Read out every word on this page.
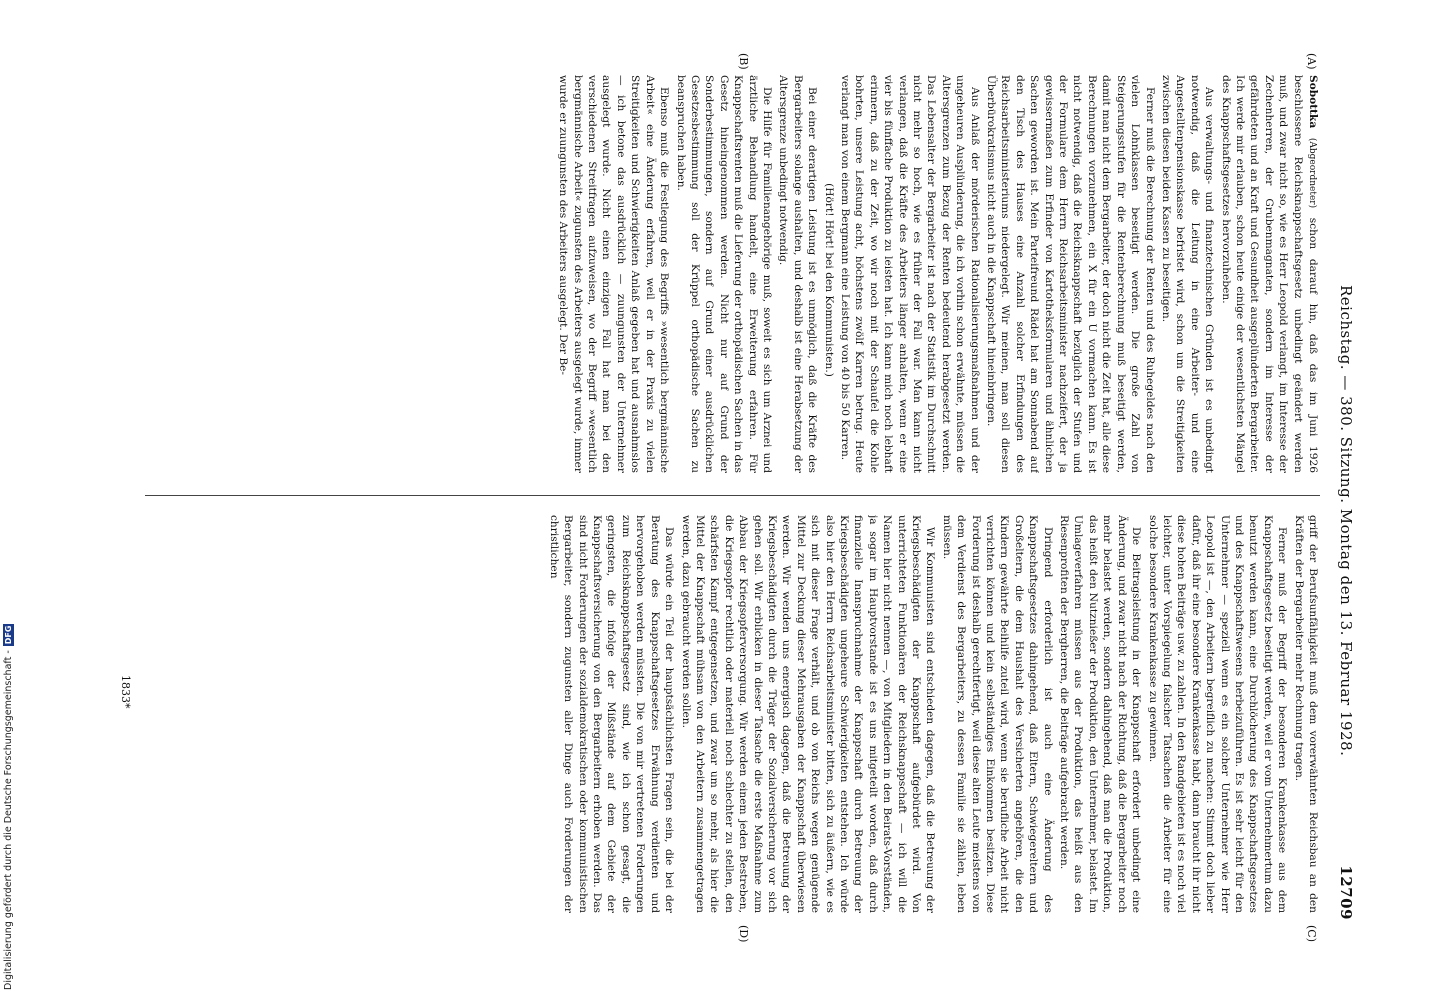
Reichstag. — 380. Sitzung. Montag den 13. Februar 1928.
12709
(A)
(B)
(C)
(D)

Sobottka (Abgeordneter) schon darauf hin, daß das im Juni 1926 beschlossene Reichsknappschaftsgesetz unbedingt geändert werden muß, und zwar nicht so, wie es Herr Leopold verlangt, im Interesse der Zechenherren, der Grubenmagnaten, sondern im Interesse der gefährdeten und an Kraft und Gesundheit ausgeplünderten Bergarbeiter. Ich werde mir erlauben, schon heute einige der wesentlichsten Mängel des Knappschaftsgesetzes hervorzuheben.

Aus verwaltungs- und finanztechnischen Gründen ist es unbedingt notwendig, daß die Leitung in eine Arbeiter- und eine Angestelltenpensionskasse befristet wird, schon um die Streitigkeiten zwischen diesen beiden Kassen zu beseitigen.

Ferner muß die Berechnung der Renten und des Ruhegeldes nach den vielen Lohnklassen beseitigt werden. Die große Zahl von Steigerungsstufen für die Rentenberechnung muß beseitigt werden, damit man nicht dem Bergarbeiter, der doch nicht die Zeit hat, alle diese Berechnungen vorzunehmen, ein X für ein U vormachen kann. Es ist nicht notwendig, daß die Reichsknappschaft bezüglich der Stufen und der Formulare dem Herrn Reichsarbeitsminister nachzeifert, der ja gewissermaßen zum Erfinder von Kartotheksformularen und ähnlichen Sachen geworden ist. Mein Parteifreund Rädel hat am Sonnabend auf den Tisch des Hauses eine Anzahl solcher Erfindungen des Reichsarbeitsministeriums niedergelegt. Wir meinen, man soll diesen Überbürokratismus nicht auch in die Knappschaft hineinbringen.

Aus Anlaß der mörderischen Rationalisierungsmaßnahmen und der ungeheuren Ausplünderung, die ich vorhin schon erwähnte, müssen die Altersgrenzen zum Bezug der Renten bedeutend herabgesetzt werden. Das Lebensalter der Bergarbeiter ist nach der Statistik im Durchschnitt nicht mehr so hoch, wie es früher der Fall war. Man kann nicht verlangen, daß die Kräfte des Arbeiters länger anhalten, wenn er eine vier bis fünffache Produktion zu leisten hat. Ich kann mich noch lebhaft erinnern, daß zu der Zeit, wo wir noch mit der Schaufel die Kohle bohrten, unsere Leistung acht, höchstens zwölf Karren betrug. Heute verlangt man von einem Bergmann eine Leistung von 40 bis 50 Karren.

(Hört! Hört! bei den Kommunisten.)

Bei einer derartigen Leistung ist es unmöglich, daß die Kräfte des Bergarbeiters solange aushalten, und deshalb ist eine Herabsetzung der Altersgrenze unbedingt notwendig.

Die Hilfe für Familienangehörige muß, soweit es sich um Arznei und ärztliche Behandlung handelt, eine Erweiterung erfahren. Für Knappschaftsrenten muß die Lieferung der orthopädischen Sachen in das Gesetz hineingenommen werden. Nicht nur auf Grund der Sonderbestimmungen, sondern auf Grund einer ausdrücklichen Gesetzesbestimmung soll der Krüppel orthopädische Sachen zu beanspruchen haben.

Ebenso muß die Festlegung des Begriffs »wesentlich bergmännische Arbeit« eine Änderung erfahren, weil er in der Praxis zu vielen Streitigkeiten und Schwierigkeiten Anlaß gegeben hat und ausnahmslos — ich betone das ausdrücklich — zuungunsten der Unternehmer ausgelegt wurde. Nicht einen einzigen Fall hat man bei den verschiedenen Streitfragen aufzuweisen, wo der Begriff »wesentlich bergmännische Arbeit« zugunsten des Arbeiters ausgelegt wurde, immer wurde er zuungunsten des Arbeiters ausgelegt. Der Be-

griff der Berufsunfähigkeit muß dem vorerwähnten Reichsbau an den Kräften der Bergarbeiter mehr Rechnung tragen.

Ferner muß der Begriff der besonderen Krankenkasse aus dem Knappschaftsgesetz beseitigt werden, weil er vom Unternehmertum dazu benutzt werden kann, eine Durchlöcherung des Knappschaftsgesetzes und des Knappschaftswesens herbeizuführen. Es ist sehr leicht für den Unternehmer — speziell wenn es ein solcher Unternehmer wie Herr Leopold ist —, den Arbeitern begreiflich zu machen: Stimmt doch lieber dafür, daß ihr eine besondere Krankenkasse habt, dann braucht ihr nicht diese hohen Beiträge usw. zu zahlen. In den Randgebieten ist es noch viel leichter, unter Vorspiegelung falscher Tatsachen die Arbeiter für eine solche besondere Krankenkasse zu gewinnen.

Die Beitragsleistung in der Knappschaft erfordert unbedingt eine Änderung, und zwar nicht nach der Richtung, daß die Bergarbeiter noch mehr belastet werden, sondern dahingehend, daß man die Produktion, das heißt den Nutznießer der Produktion, den Unternehmer, belastet. Im Umlageverfahren müssen aus der Produktion, das heißt aus den Riesenprofiten der Bergherren, die Beiträge aufgebracht werden.

Dringend erforderlich ist auch eine Änderung des Knappschaftsgesetzes dahingehend, daß Eltern, Schwiegereltern und Großeltern, die dem Haushalt des Versicherten angehören, die den Kindern gewährte Beihilfe zuteil wird, wenn sie berufliche Arbeit nicht verrichten können und kein selbständiges Einkommen besitzen. Diese Forderung ist deshalb gerechtfertigt, weil diese alten Leute meistens von dem Verdienst des Bergarbeiters, zu dessen Familie sie zählen, leben müssen.

Wir Kommunisten sind entschieden dagegen, daß die Betreuung der Kriegsbeschädigten der Knappschaft aufgebürdet wird. Von unterrichteten Funktionären der Reichsknappschaft — ich will die Namen hier nicht nennen —, von Mitgliedern in den Beirats-Vorständen, ja sogar im Hauptvorstande ist es uns mitgeteilt worden, daß durch finanzielle Inanspruchnahme der Knappschaft durch Betreuung der Kriegsbeschädigten ungeheure Schwierigkeiten entstehen. Ich würde also hier den Herrn Reichsarbeitsminister bitten, sich zu äußern, wie es sich mit dieser Frage verhält, und ob von Reichs wegen genügende Mittel zur Deckung dieser Mehrausgaben der Knappschaft überwiesen werden. Wir wenden uns energisch dagegen, daß die Betreuung der Kriegsbeschädigten durch die Träger der Sozialversicherung vor sich gehen soll. Wir erblicken in dieser Tatsache die erste Maßnahme zum Abbau der Kriegsopferversorgung. Wir werden einem jeden Bestreben, die Kriegsopfer rechtlich oder materiell noch schlechter zu stellen, den schärfsten Kampf entgegensetzen, und zwar um so mehr, als hier die Mittel der Knappschaft mühsam von den Arbeitern zusammengetragen werden, dazu gebraucht werden sollen.

Das würde ein Teil der hauptsächlichsten Fragen sein, die bei der Beratung des Knappschaftsgesetzes Erwähnung verdienten und hervorgehoben werden müssten. Die von mir vertretenen Forderungen zum Reichsknappschaftsgesetz sind, wie ich schon gesagt, die geringsten, die infolge der Mißstände auf dem Gebiete der Knappschaftsversicherung von den Bergarbeitern erhoben werden. Das sind nicht Forderungen der sozialdemokratischen oder kommunistischen Bergarbeiter, sondern zugunsten aller Dinge auch Forderungen der christlichen

1833*
Digitalisierung gefördert durch die Deutsche Forschungsgemeinschaft -
DFG
